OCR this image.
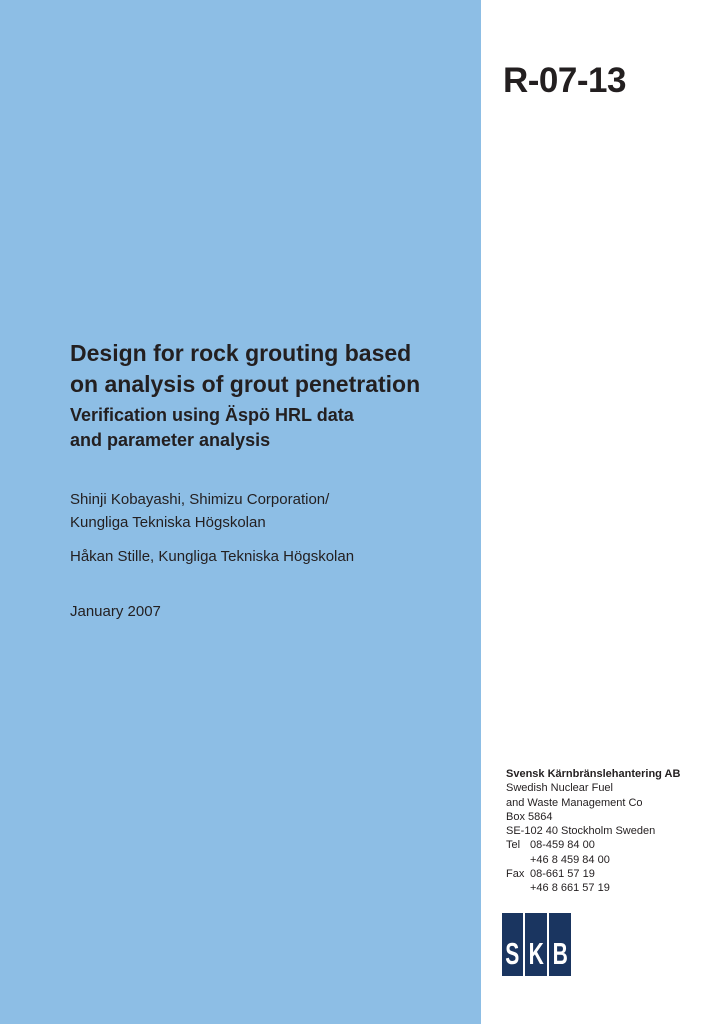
R-07-13
Design for rock grouting based
on analysis of grout penetration
Verification using Äspö HRL data
and parameter analysis
Shinji Kobayashi, Shimizu Corporation/
Kungliga Tekniska Högskolan
Håkan Stille, Kungliga Tekniska Högskolan
January 2007
Svensk Kärnbränslehantering AB
Swedish Nuclear Fuel
and Waste Management Co
Box 5864
SE-102 40 Stockholm Sweden
Tel 08-459 84 00
+46 8 459 84 00
Fax 08-661 57 19
+46 8 661 57 19
S K B
